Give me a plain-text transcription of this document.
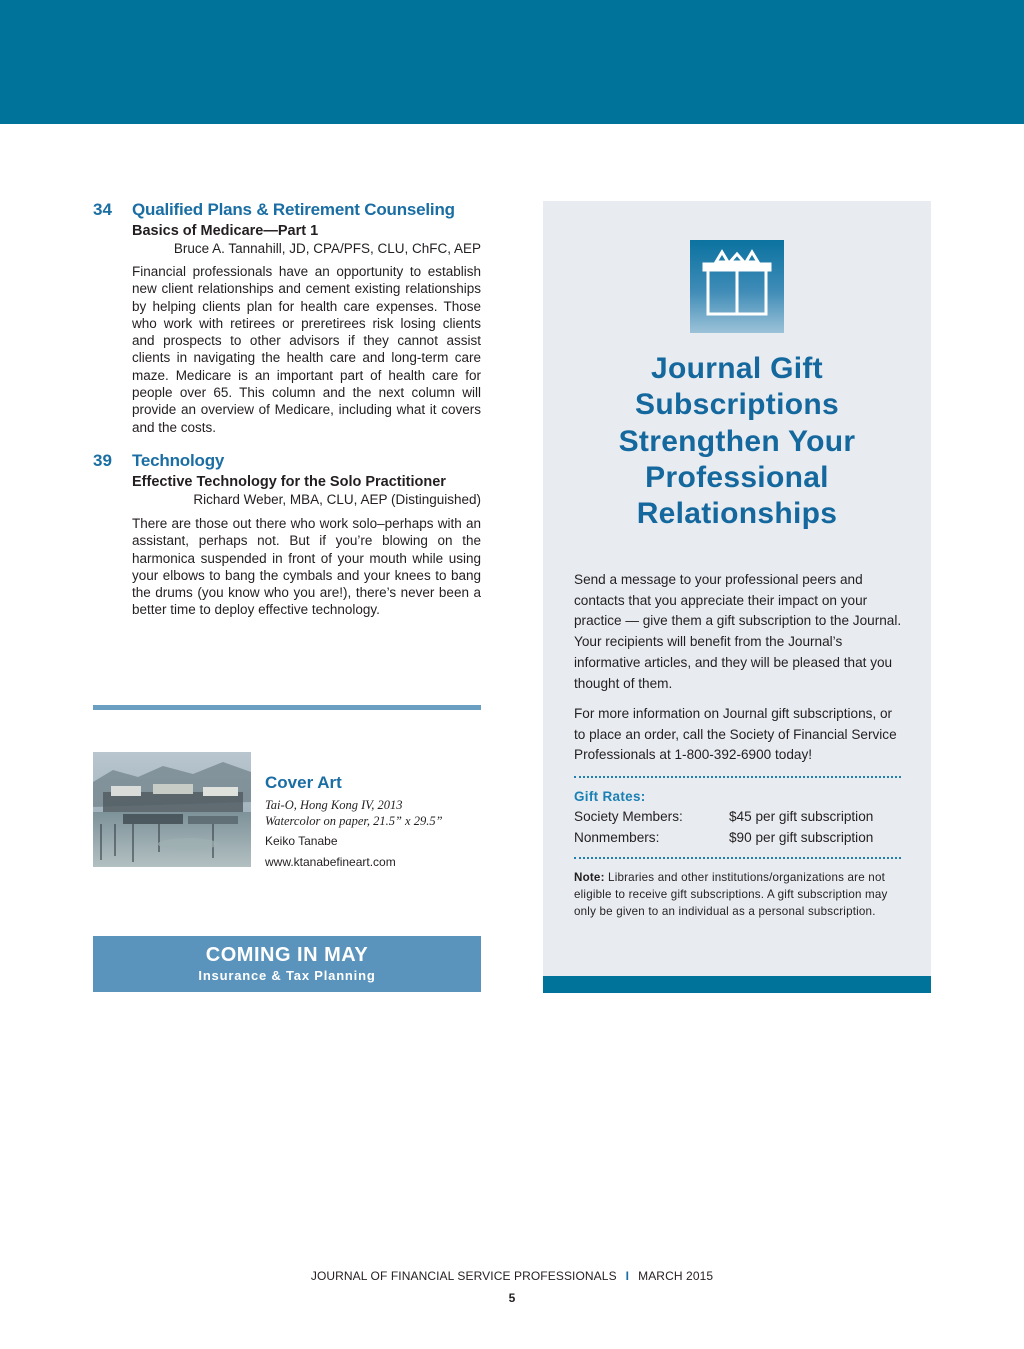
34 Qualified Plans & Retirement Counseling
Basics of Medicare—Part 1
Bruce A. Tannahill, JD, CPA/PFS, CLU, ChFC, AEP

Financial professionals have an opportunity to establish new client relationships and cement existing relationships by helping clients plan for health care expenses. Those who work with retirees or preretirees risk losing clients and prospects to other advisors if they cannot assist clients in navigating the health care and long-term care maze. Medicare is an important part of health care for people over 65. This column and the next column will provide an overview of Medicare, including what it covers and the costs.

39 Technology
Effective Technology for the Solo Practitioner
Richard Weber, MBA, CLU, AEP (Distinguished)

There are those out there who work solo–perhaps with an assistant, perhaps not. But if you’re blowing on the harmonica suspended in front of your mouth while using your elbows to bang the cymbals and your knees to bang the drums (you know who you are!), there’s never been a better time to deploy effective technology.

Cover Art
Tai-O, Hong Kong IV, 2013
Watercolor on paper, 21.5” x 29.5”
Keiko Tanabe
www.ktanabefineart.com
COMING IN MAY
Insurance & Tax Planning
Journal Gift
Subscriptions
Strengthen Your
Professional
Relationships

Send a message to your professional peers and contacts that you appreciate their impact on your practice — give them a gift subscription to the Journal. Your recipients will benefit from the Journal’s informative articles, and they will be pleased that you thought of them.

For more information on Journal gift subscriptions, or to place an order, call the Society of Financial Service Professionals at 1-800-392-6900 today!

Gift Rates:
Society Members:	$45 per gift subscription
Nonmembers:	$90 per gift subscription

Note: Libraries and other institutions/organizations are not eligible to receive gift subscriptions. A gift subscription may only be given to an individual as a personal subscription.

JOURNAL OF FINANCIAL SERVICE PROFESSIONALS I MARCH 2015
5
